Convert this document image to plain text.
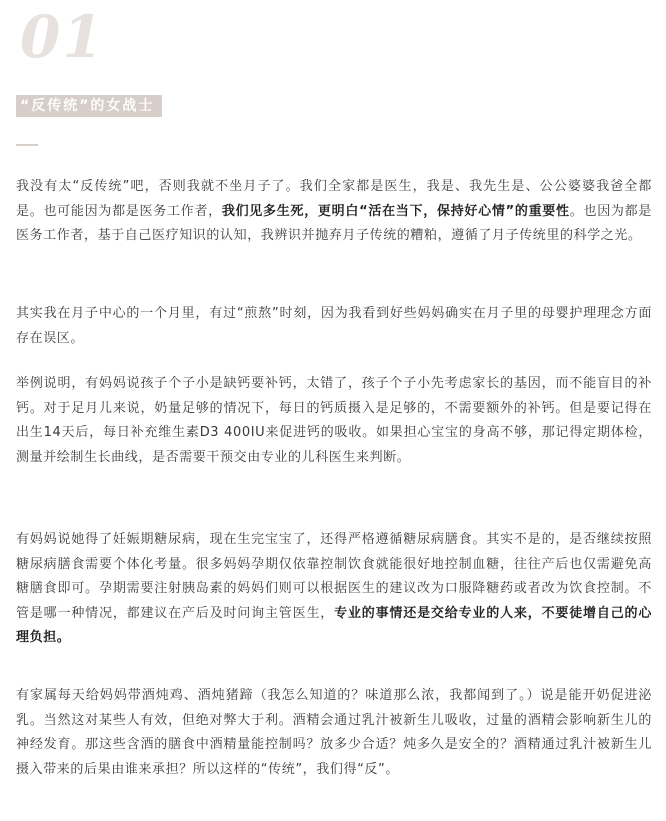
01
“反传统”的女战士

我没有太“反传统”吧，否则我就不坐月子了。我们全家都是医生，我是、我先生是、公公婆婆我爸全都是。也可能因为都是医务工作者，我们见多生死，更明白“活在当下，保持好心情”的重要性。也因为都是医务工作者，基于自己医疗知识的认知，我辨识并抛弃月子传统的糟粕，遵循了月子传统里的科学之光。

其实我在月子中心的一个月里，有过“煎熬”时刻，因为我看到好些妈妈确实在月子里的母婴护理理念方面存在误区。

举例说明，有妈妈说孩子个子小是缺钙要补钙，太错了，孩子个子小先考虑家长的基因，而不能盲目的补钙。对于足月儿来说，奶量足够的情况下，每日的钙质摄入是足够的，不需要额外的补钙。但是要记得在出生14天后，每日补充维生素D3 400IU来促进钙的吸收。如果担心宝宝的身高不够，那记得定期体检，测量并绘制生长曲线，是否需要干预交由专业的儿科医生来判断。

有妈妈说她得了妊娠期糖尿病，现在生完宝宝了，还得严格遵循糖尿病膳食。其实不是的，是否继续按照糖尿病膳食需要个体化考量。很多妈妈孕期仅依靠控制饮食就能很好地控制血糖，往往产后也仅需避免高糖膳食即可。孕期需要注射胰岛素的妈妈们则可以根据医生的建议改为口服降糖药或者改为饮食控制。不管是哪一种情况，都建议在产后及时问询主管医生，专业的事情还是交给专业的人来，不要徒增自己的心理负担。

有家属每天给妈妈带酒炖鸡、酒炖猪蹄（我怎么知道的？味道那么浓，我都闻到了。）说是能开奶促进泌乳。当然这对某些人有效，但绝对弊大于利。酒精会通过乳汁被新生儿吸收，过量的酒精会影响新生儿的神经发育。那这些含酒的膳食中酒精量能控制吗？放多少合适？炖多久是安全的？酒精通过乳汁被新生儿摄入带来的后果由谁来承担？所以这样的“传统”，我们得“反”。
